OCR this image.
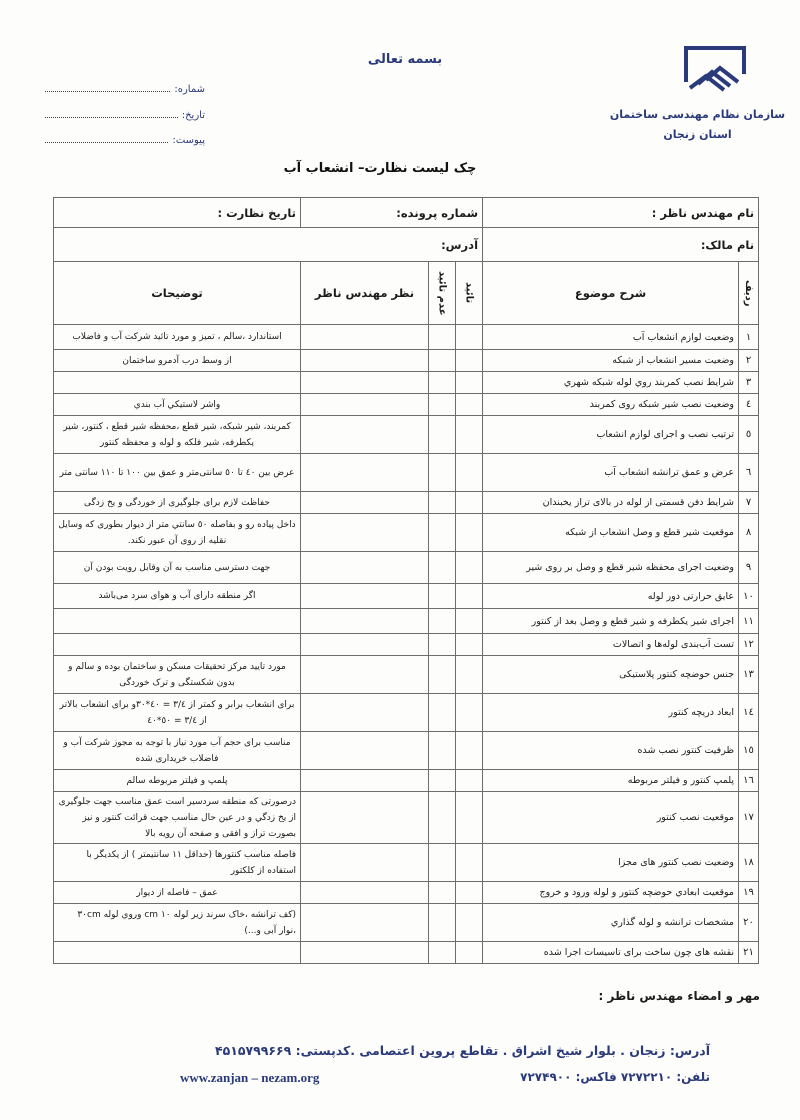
سازمان نظام مهندسی ساختمان
استان زنجان
بسمه تعالی
شماره:
تاریخ:
پیوست:
چک لیست نظارت– انشعاب آب
نام مهندس ناظر :		شماره پرونده:			تاریخ نظارت :
نام مالک:		آدرس:			
ردیف	شرح موضوع	تائید	عدم تائید	نظر مهندس ناظر	توضیحات
۱	وضعیت لوازم انشعاب آب				استاندارد ،سالم ، تمیز و مورد تائید شرکت آب و فاضلاب
۲	وضعیت مسیر انشعاب از شبکه				از وسط درب آدمرو ساختمان
۳	شرایط نصب کمربند روي لوله شبکه شهري				
٤	وضعیت نصب شیر شبکه روی کمربند				واشر لاستیکي آب بندي
٥	ترتیب نصب و اجرای لوازم انشعاب				کمربند، شیر شبکه، شیر قطع ،محفظه شیر قطع ، کنتور، شیر یکطرفه، شیر فلکه و لوله و محفظه کنتور
٦	عرض و عمق ترانشه انشعاب آب				عرض بین ٤٠ تا ٥٠ سانتی‌متر و عمق بین ١٠٠ تا ١١٠ سانتی متر
٧	شرایط دفن قسمتی از لوله در بالای تراز یخبندان				حفاظت لازم برای جلوگیری از خوردگی و یخ زدگی
٨	موقعیت شیر قطع و وصل انشعاب از شبکه				داخل پیاده رو و بفاصله ٥٠ سانتي متر از دیوار بطوری که وسایل نقلیه از روی آن عبور نکند.
٩	وضعیت اجرای محفظه شیر قطع و وصل بر روی شیر				جهت دسترسی مناسب به آن وقابل رویت بودن آن
١٠	عایق حرارتی دور لوله				اگر منطقه دارای آب و هوای سرد می‌باشد
١١	اجرای شیر یکطرفه و شیر قطع و وصل بعد از کنتور				
١٢	تست آب‌بندی لوله‌ها و اتصالات				
١٣	جنس حوضچه کنتور پلاستیکی				مورد تایید مرکز تحقیقات مسکن و ساختمان بوده و سالم و بدون شکستگی و ترک خوردگی
١٤	ابعاد دریچه کنتور				برای انشعاب برابر و کمتر از ٣/٤ = ٤٠*٣٠و برای انشعاب بالاتر از ٣/٤ = ٥٠*٤٠
١٥	ظرفیت کنتور نصب شده				مناسب برای حجم آب مورد نیاز با توجه به مجوز شرکت آب و فاضلاب خریداری شده
١٦	پلمپ کنتور و فیلتر مربوطه				پلمپ و فیلتر مربوطه سالم
١٧	موقعیت نصب کنتور				درصورتی که منطقه سردسیر است عمق مناسب جهت جلوگیری از یخ زدگي و در عین حال مناسب جهت قرائت کنتور و نیز بصورت تراز و افقی و صفحه آن رویه بالا
١٨	وضعیت نصب کنتور های مجزا				فاصله مناسب کنتورها (حداقل ١١ سانتیمتر ) از یکدیگر با استفاده از کلکتور
١٩	موقعیت ابعادي حوضچه کنتور و لوله ورود و خروج				عمق – فاصله از دیوار
٢٠	مشخصات ترانشه و لوله گذاري				(کف ترانشه ،خاک سرند زیر لوله ١٠ cm وروي لوله ٣٠cm ،نوار آبی و...)
٢١	نقشه های چون ساخت برای تاسیسات اجرا شده				
مهر و امضاء مهندس ناظر :
آدرس: زنجان . بلوار شیخ اشراق . تقاطع پروین اعتصامی .کدپستی: ۴۵۱۵۷۹۹۶۶۹
تلفن: ۷۲۷۲۲۱۰ فاکس: ۷۲۷۴۹۰۰
www.zanjan – nezam.org
